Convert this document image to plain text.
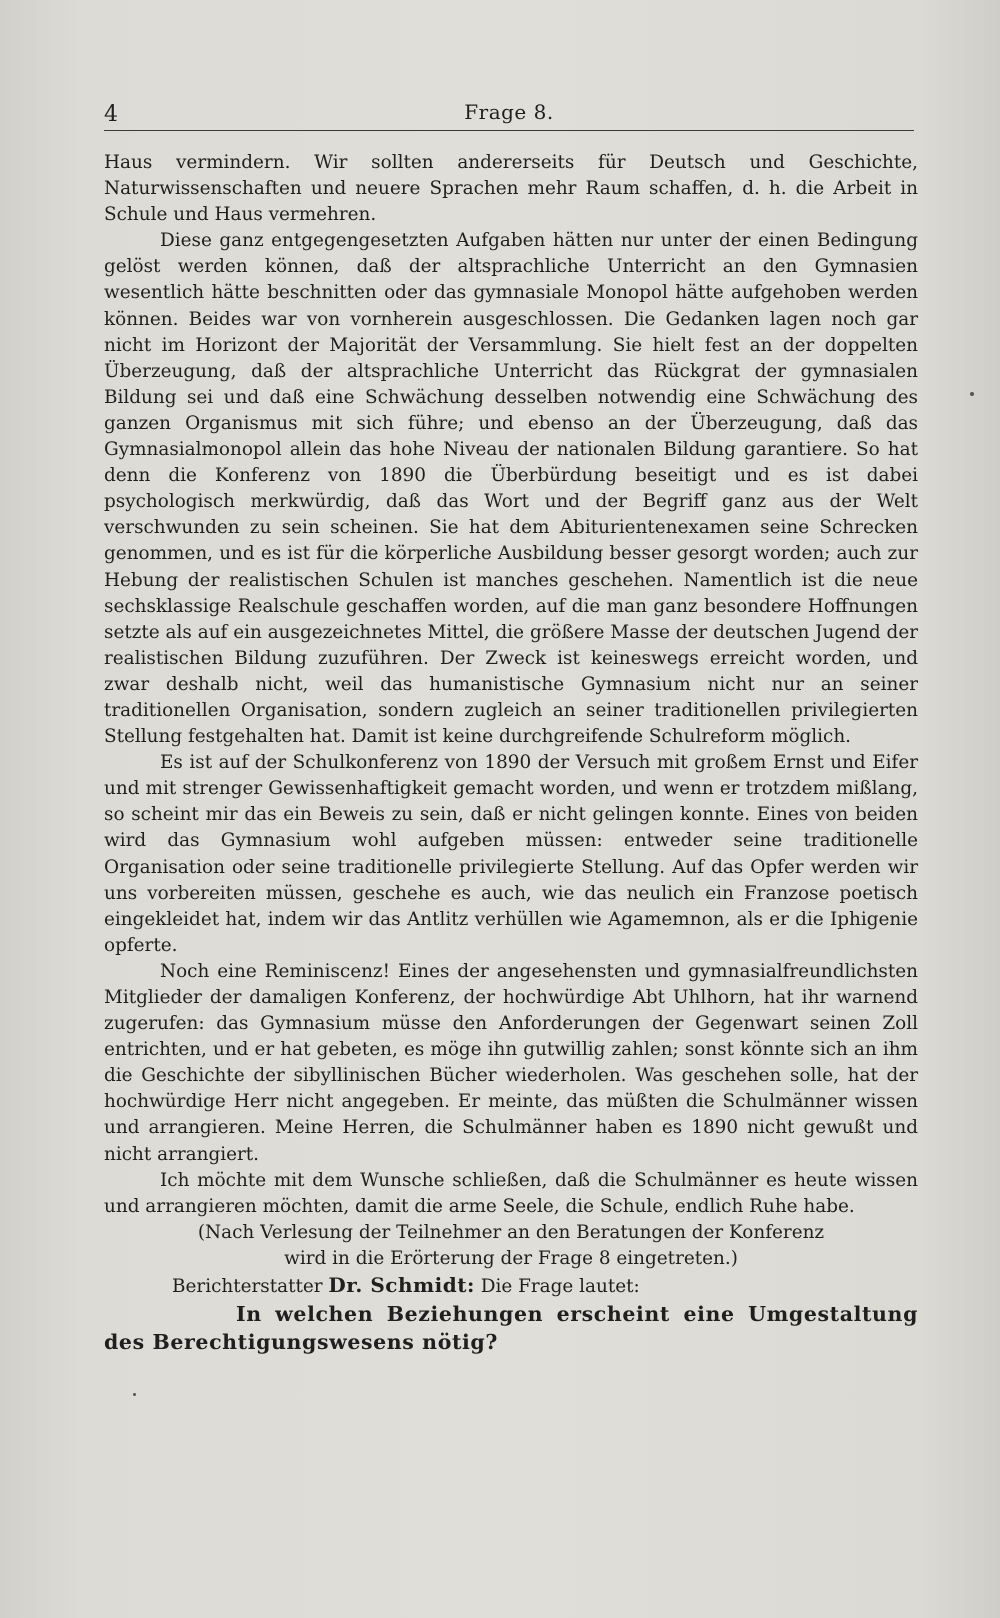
4	Frage 8.

Haus vermindern. Wir sollten andererseits für Deutsch und Geschichte, Naturwissenschaften und neuere Sprachen mehr Raum schaffen, d. h. die Arbeit in Schule und Haus vermehren.

Diese ganz entgegengesetzten Aufgaben hätten nur unter der einen Bedingung gelöst werden können, daß der altsprachliche Unterricht an den Gymnasien wesentlich hätte beschnitten oder das gymnasiale Monopol hätte aufgehoben werden können. Beides war von vornherein ausgeschlossen. Die Gedanken lagen noch gar nicht im Horizont der Majorität der Versammlung. Sie hielt fest an der doppelten Überzeugung, daß der altsprachliche Unterricht das Rückgrat der gymnasialen Bildung sei und daß eine Schwächung desselben notwendig eine Schwächung des ganzen Organismus mit sich führe; und ebenso an der Überzeugung, daß das Gymnasialmonopol allein das hohe Niveau der nationalen Bildung garantiere. So hat denn die Konferenz von 1890 die Überbürdung beseitigt und es ist dabei psychologisch merkwürdig, daß das Wort und der Begriff ganz aus der Welt verschwunden zu sein scheinen. Sie hat dem Abiturientenexamen seine Schrecken genommen, und es ist für die körperliche Ausbildung besser gesorgt worden; auch zur Hebung der realistischen Schulen ist manches geschehen. Namentlich ist die neue sechsklassige Realschule geschaffen worden, auf die man ganz besondere Hoffnungen setzte als auf ein ausgezeichnetes Mittel, die größere Masse der deutschen Jugend der realistischen Bildung zuzuführen. Der Zweck ist keineswegs erreicht worden, und zwar deshalb nicht, weil das humanistische Gymnasium nicht nur an seiner traditionellen Organisation, sondern zugleich an seiner traditionellen privilegierten Stellung festgehalten hat. Damit ist keine durchgreifende Schulreform möglich.

Es ist auf der Schulkonferenz von 1890 der Versuch mit großem Ernst und Eifer und mit strenger Gewissenhaftigkeit gemacht worden, und wenn er trotzdem mißlang, so scheint mir das ein Beweis zu sein, daß er nicht gelingen konnte. Eines von beiden wird das Gymnasium wohl aufgeben müssen: entweder seine traditionelle Organisation oder seine traditionelle privilegierte Stellung. Auf das Opfer werden wir uns vorbereiten müssen, geschehe es auch, wie das neulich ein Franzose poetisch eingekleidet hat, indem wir das Antlitz verhüllen wie Agamemnon, als er die Iphigenie opferte.

Noch eine Reminiscenz! Eines der angesehensten und gymnasialfreundlichsten Mitglieder der damaligen Konferenz, der hochwürdige Abt Uhlhorn, hat ihr warnend zugerufen: das Gymnasium müsse den Anforderungen der Gegenwart seinen Zoll entrichten, und er hat gebeten, es möge ihn gutwillig zahlen; sonst könnte sich an ihm die Geschichte der sibyllinischen Bücher wiederholen. Was geschehen solle, hat der hochwürdige Herr nicht angegeben. Er meinte, das müßten die Schulmänner wissen und arrangieren. Meine Herren, die Schulmänner haben es 1890 nicht gewußt und nicht arrangiert.

Ich möchte mit dem Wunsche schließen, daß die Schulmänner es heute wissen und arrangieren möchten, damit die arme Seele, die Schule, endlich Ruhe habe.

(Nach Verlesung der Teilnehmer an den Beratungen der Konferenz wird in die Erörterung der Frage 8 eingetreten.)

Berichterstatter Dr. Schmidt: Die Frage lautet:

In welchen Beziehungen erscheint eine Umgestaltung des Berechtigungswesens nötig?
